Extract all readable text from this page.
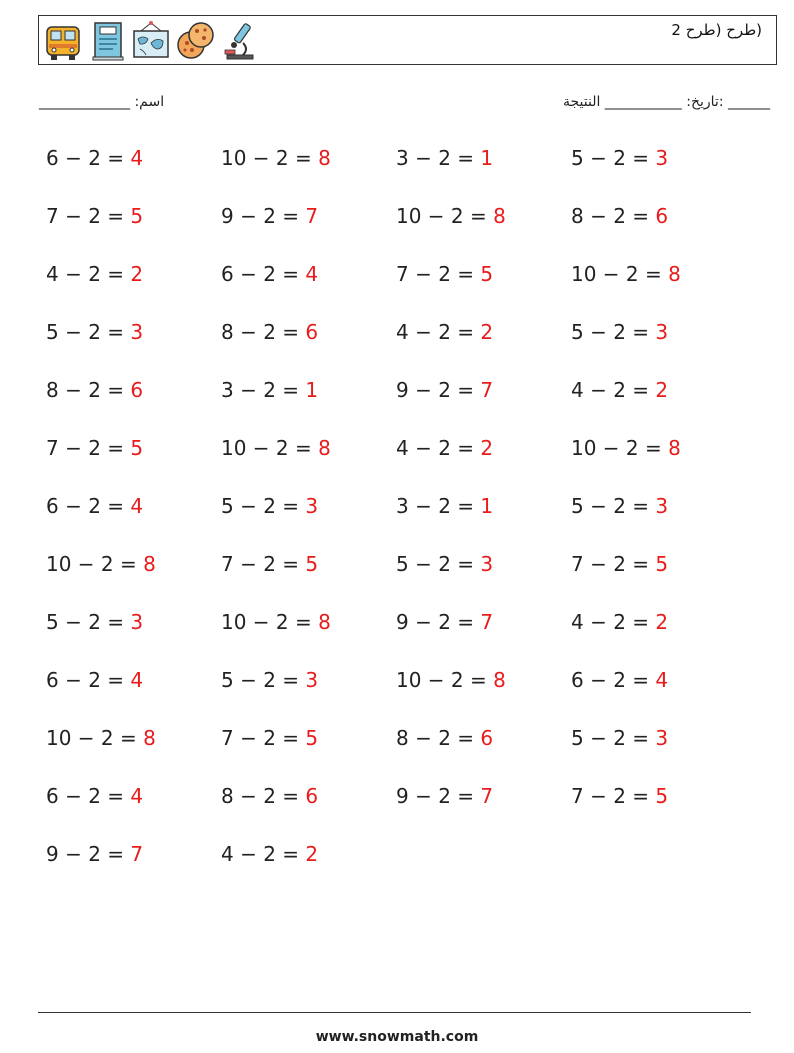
(طرح (طرح 2
اسم: _____________	______ :تاريخ: ___________ النتيجة
6 − 2 = 4	10 − 2 = 8	3 − 2 = 1	5 − 2 = 3
7 − 2 = 5	9 − 2 = 7	10 − 2 = 8	8 − 2 = 6
4 − 2 = 2	6 − 2 = 4	7 − 2 = 5	10 − 2 = 8
5 − 2 = 3	8 − 2 = 6	4 − 2 = 2	5 − 2 = 3
8 − 2 = 6	3 − 2 = 1	9 − 2 = 7	4 − 2 = 2
7 − 2 = 5	10 − 2 = 8	4 − 2 = 2	10 − 2 = 8
6 − 2 = 4	5 − 2 = 3	3 − 2 = 1	5 − 2 = 3
10 − 2 = 8	7 − 2 = 5	5 − 2 = 3	7 − 2 = 5
5 − 2 = 3	10 − 2 = 8	9 − 2 = 7	4 − 2 = 2
6 − 2 = 4	5 − 2 = 3	10 − 2 = 8	6 − 2 = 4
10 − 2 = 8	7 − 2 = 5	8 − 2 = 6	5 − 2 = 3
6 − 2 = 4	8 − 2 = 6	9 − 2 = 7	7 − 2 = 5
9 − 2 = 7	4 − 2 = 2
www.snowmath.com
